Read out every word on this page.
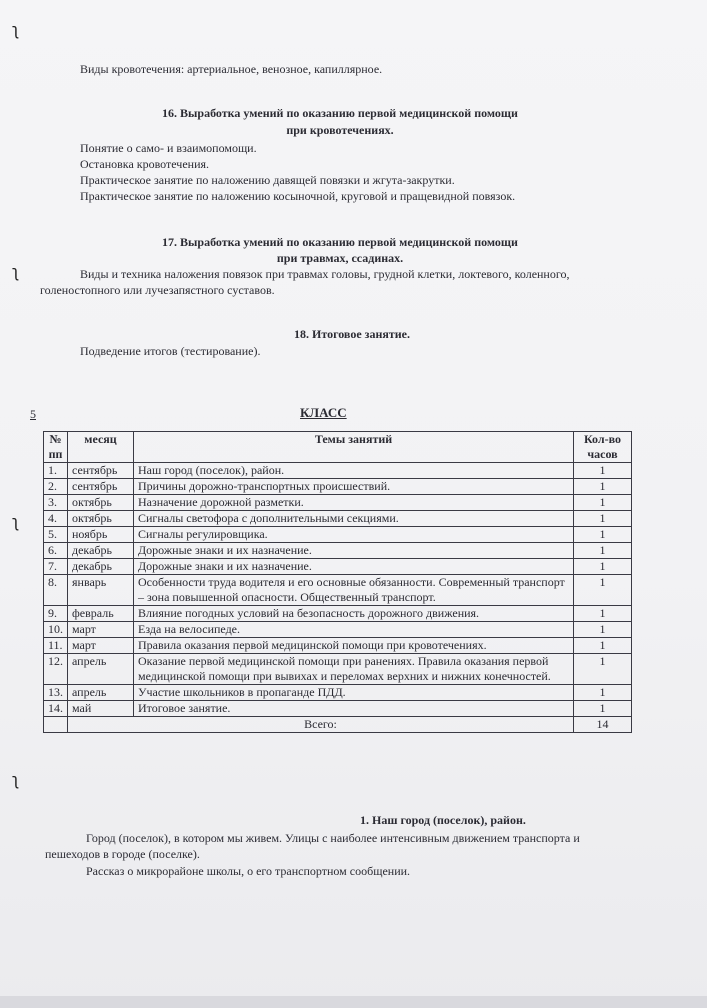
ʅ
ʅ
ʅ
ʅ
Виды кровотечения: артериальное, венозное, капиллярное.
16. Выработка умений по оказанию первой медицинской помощи
при кровотечениях.
Понятие о само- и взаимопомощи.
Остановка кровотечения.
Практическое занятие по наложению давящей повязки и жгута-закрутки.
Практическое занятие по наложению косыночной, круговой и пращевидной повязок.
17. Выработка умений по оказанию первой медицинской помощи
при травмах, ссадинах.
Виды и техника наложения повязок при травмах головы, грудной клетки, локтевого, коленного,
голеностопного или лучезапястного суставов.
18. Итоговое занятие.
Подведение итогов (тестирование).
5	КЛАСС
№ пп	месяц	Темы занятий	Кол-во часов
1.	сентябрь	Наш город (поселок), район.	1
2.	сентябрь	Причины дорожно-транспортных происшествий.	1
3.	октябрь	Назначение дорожной разметки.	1
4.	октябрь	Сигналы светофора с дополнительными секциями.	1
5.	ноябрь	Сигналы регулировщика.	1
6.	декабрь	Дорожные знаки и их назначение.	1
7.	декабрь	Дорожные знаки и их назначение.	1
8.	январь	Особенности труда водителя и его основные обязанности. Современный транспорт – зона повышенной опасности. Общественный транспорт.	1
9.	февраль	Влияние погодных условий на безопасность дорожного движения.	1
10.	март	Езда на велосипеде.	1
11.	март	Правила оказания первой медицинской помощи при кровотечениях.	1
12.	апрель	Оказание первой медицинской помощи при ранениях. Правила оказания первой медицинской помощи при вывихах и переломах верхних и нижних конечностей.	1
13.	апрель	Участие школьников в пропаганде ПДД.	1
14.	май	Итоговое занятие.	1
	Всего:		14
1. Наш город (поселок), район.
Город (поселок), в котором мы живем. Улицы с наиболее интенсивным движением транспорта и
пешеходов в городе (поселке).
Рассказ о микрорайоне школы, о его транспортном сообщении.
